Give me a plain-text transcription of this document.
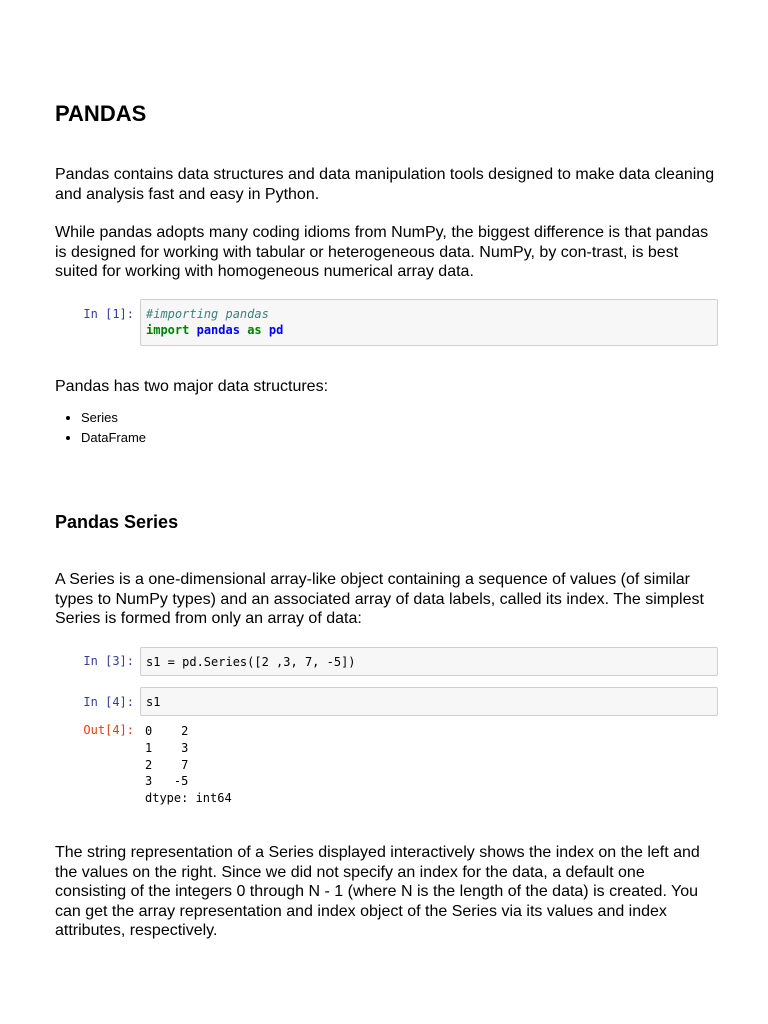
PANDAS

Pandas contains data structures and data manipulation tools designed to make data cleaning and analysis fast and easy in Python.

While pandas adopts many coding idioms from NumPy, the biggest difference is that pandas is designed for working with tabular or heterogeneous data. NumPy, by con-trast, is best suited for working with homogeneous numerical array data.

In [1]:	#importing pandas
import pandas as pd

Pandas has two major data structures:

• Series
• DataFrame
Pandas Series

A Series is a one-dimensional array-like object containing a sequence of values (of similar types to NumPy types) and an associated array of data labels, called its index. The simplest Series is formed from only an array of data:

In [3]:	s1 = pd.Series([2 ,3, 7, -5])
In [4]:	s1
Out[4]: 0    2
1    3
2    7
3   -5
dtype: int64

The string representation of a Series displayed interactively shows the index on the left and the values on the right. Since we did not specify an index for the data, a default one consisting of the integers 0 through N - 1 (where N is the length of the data) is created. You can get the array representation and index object of the Series via its values and index attributes, respectively.
